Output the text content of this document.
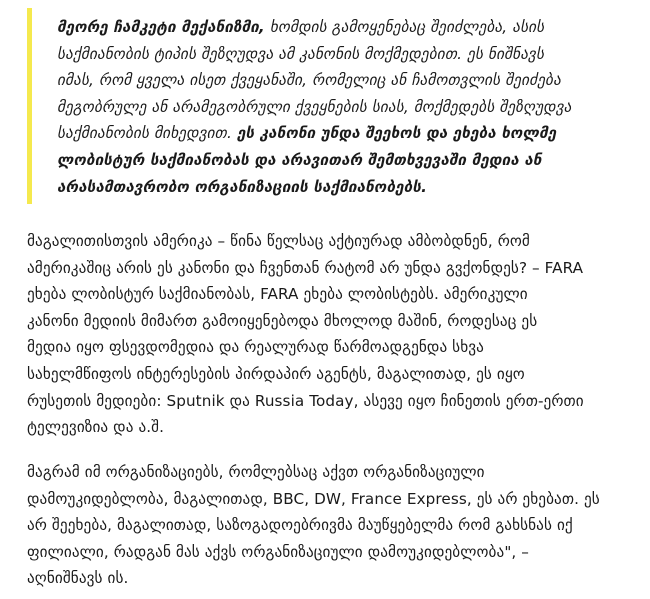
მეორე ჩამკეტი მექანიზმი, ხომდის გამოყენებაც შეიძლება, ასის
საქმიანობის ტიპის შეზღუდვა ამ კანონის მოქმედებით. ეს ნიშნავს
იმას, რომ ყველა ისეთ ქვეყანაში, რომელიც ან ჩამოთვლის შეიძება
მეგობრულე ან არამეგობრული ქვეყნების სიას, მოქმედებს შეზღუდვა
საქმიანობის მიხედვით. ეს კანონი უნდა შეეხოს და ეხება ხოლმე
ლობისტურ საქმიანობას და არავითარ შემთხვევაში მედია ან
არასამთავრობო ორგანიზაციის საქმიანობებს.

მაგალითისთვის ამერიკა – წინა წელსაც აქტიურად ამბობდნენ, რომ
ამერიკაშიც არის ეს კანონი და ჩვენთან რატომ არ უნდა გვქონდეს? – FARA
ეხება ლობისტურ საქმიანობას, FARA ეხება ლობისტებს. ამერიკული
კანონი მედიის მიმართ გამოიყენებოდა მხოლოდ მაშინ, როდესაც ეს
მედია იყო ფსევდომედია და რეალურად წარმოადგენდა სხვა
სახელმწიფოს ინტერესების პირდაპირ აგენტს, მაგალითად, ეს იყო
რუსეთის მედიები: Sputnik და Russia Today, ასევე იყო ჩინეთის ერთ-ერთი
ტელევიზია და ა.შ.

მაგრამ იმ ორგანიზაციებს, რომლებსაც აქვთ ორგანიზაციული
დამოუკიდებლობა, მაგალითად, BBC, DW, France Express, ეს არ ეხებათ. ეს
არ შეეხება, მაგალითად, საზოგადოებრივმა მაუწყებელმა რომ გახსნას იქ
ფილიალი, რადგან მას აქვს ორგანიზაციული დამოუკიდებლობა", –
აღნიშნავს ის.
